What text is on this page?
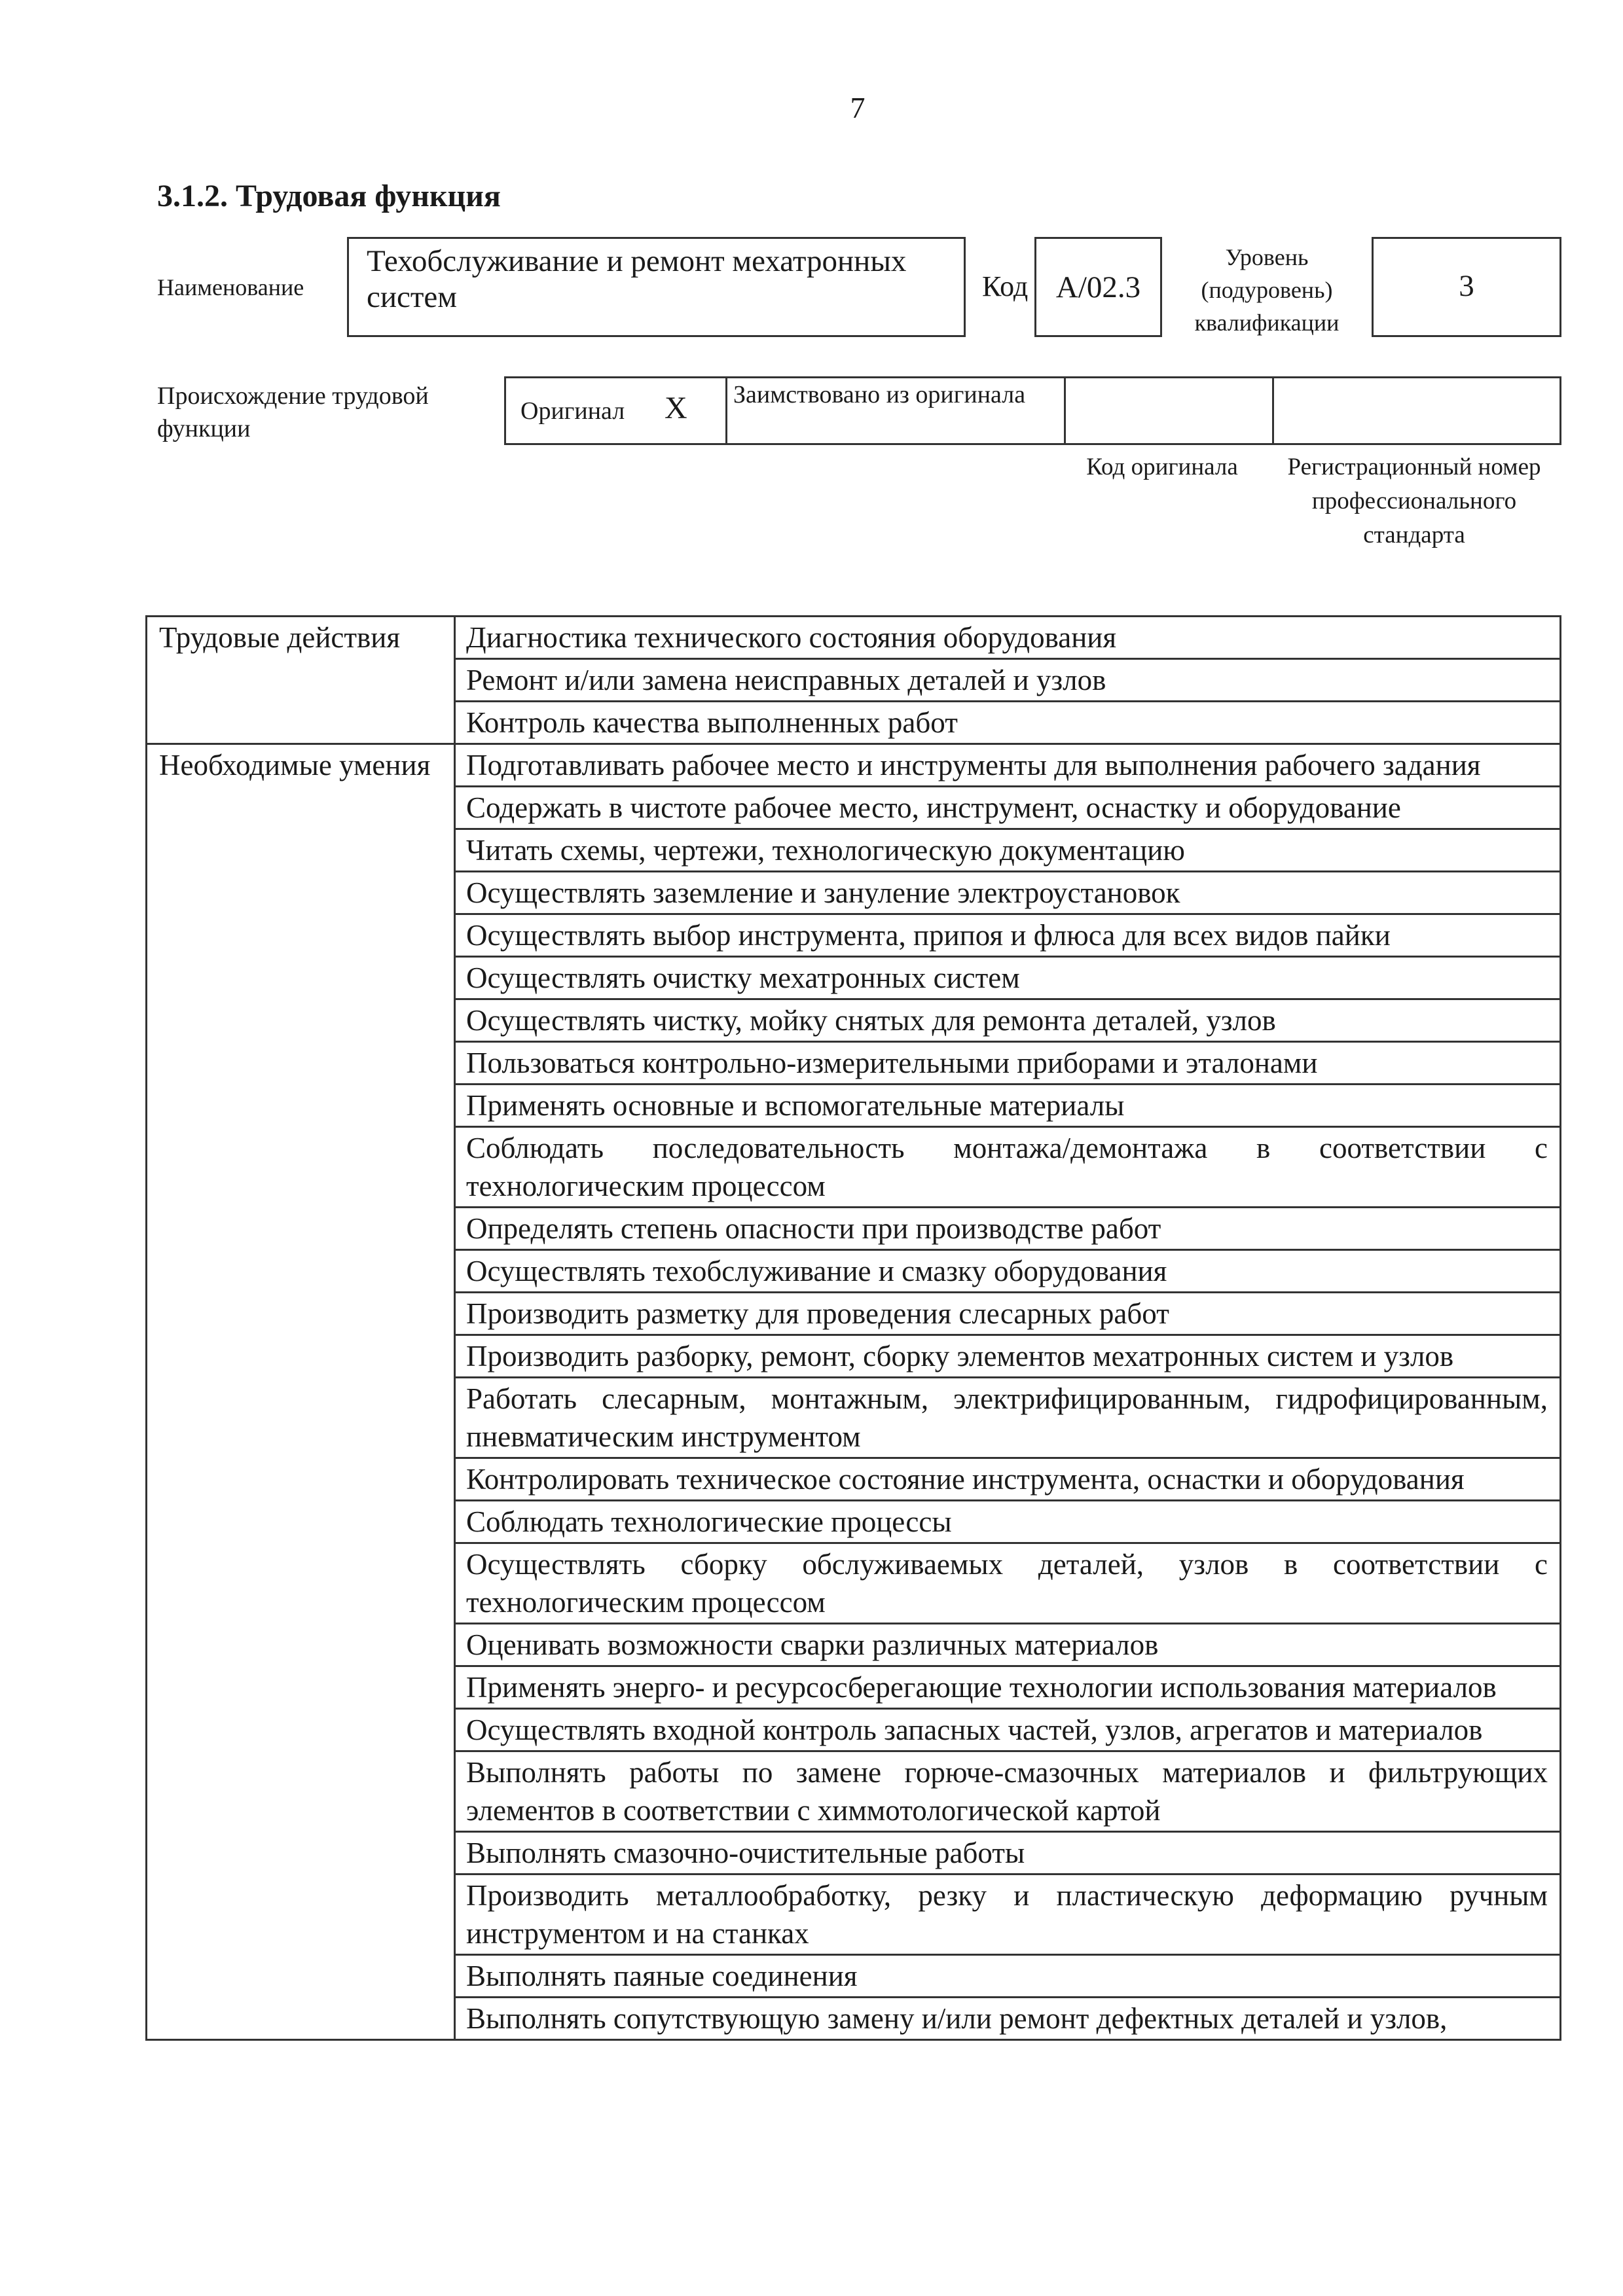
7
3.1.2. Трудовая функция
Наименование
Техобслуживание и ремонт мехатронных систем	Код А/02.3
Уровень (подуровень) квалификации
3
Происхождение трудовой функции
Оригинал X Заимствовано из оригинала
Код оригинала	Регистрационный номер профессионального стандарта
Трудовые действия	Диагностика технического состояния оборудования
	Ремонт и/или замена неисправных деталей и узлов
	Контроль качества выполненных работ
Необходимые умения	Подготавливать рабочее место и инструменты для выполнения рабочего задания
	Содержать в чистоте рабочее место, инструмент, оснастку и оборудование
	Читать схемы, чертежи, технологическую документацию
	Осуществлять заземление и зануление электроустановок
	Осуществлять выбор инструмента, припоя и флюса для всех видов пайки
	Осуществлять очистку мехатронных систем
	Осуществлять чистку, мойку снятых для ремонта деталей, узлов
	Пользоваться контрольно-измерительными приборами и эталонами
	Применять основные и вспомогательные материалы
	Соблюдать последовательность монтажа/демонтажа в соответствии с технологическим процессом
	Определять степень опасности при производстве работ
	Осуществлять техобслуживание и смазку оборудования
	Производить разметку для проведения слесарных работ
	Производить разборку, ремонт, сборку элементов мехатронных систем и узлов
	Работать слесарным, монтажным, электрифицированным, гидрофицированным, пневматическим инструментом
	Контролировать техническое состояние инструмента, оснастки и оборудования
	Соблюдать технологические процессы
	Осуществлять сборку обслуживаемых деталей, узлов в соответствии с технологическим процессом
	Оценивать возможности сварки различных материалов
	Применять энерго- и ресурсосберегающие технологии использования материалов
	Осуществлять входной контроль запасных частей, узлов, агрегатов и материалов
	Выполнять работы по замене горюче-смазочных материалов и фильтрующих элементов в соответствии с химмотологической картой
	Выполнять смазочно-очистительные работы
	Производить металлообработку, резку и пластическую деформацию ручным инструментом и на станках
	Выполнять паяные соединения
	Выполнять сопутствующую замену и/или ремонт дефектных деталей и узлов,
